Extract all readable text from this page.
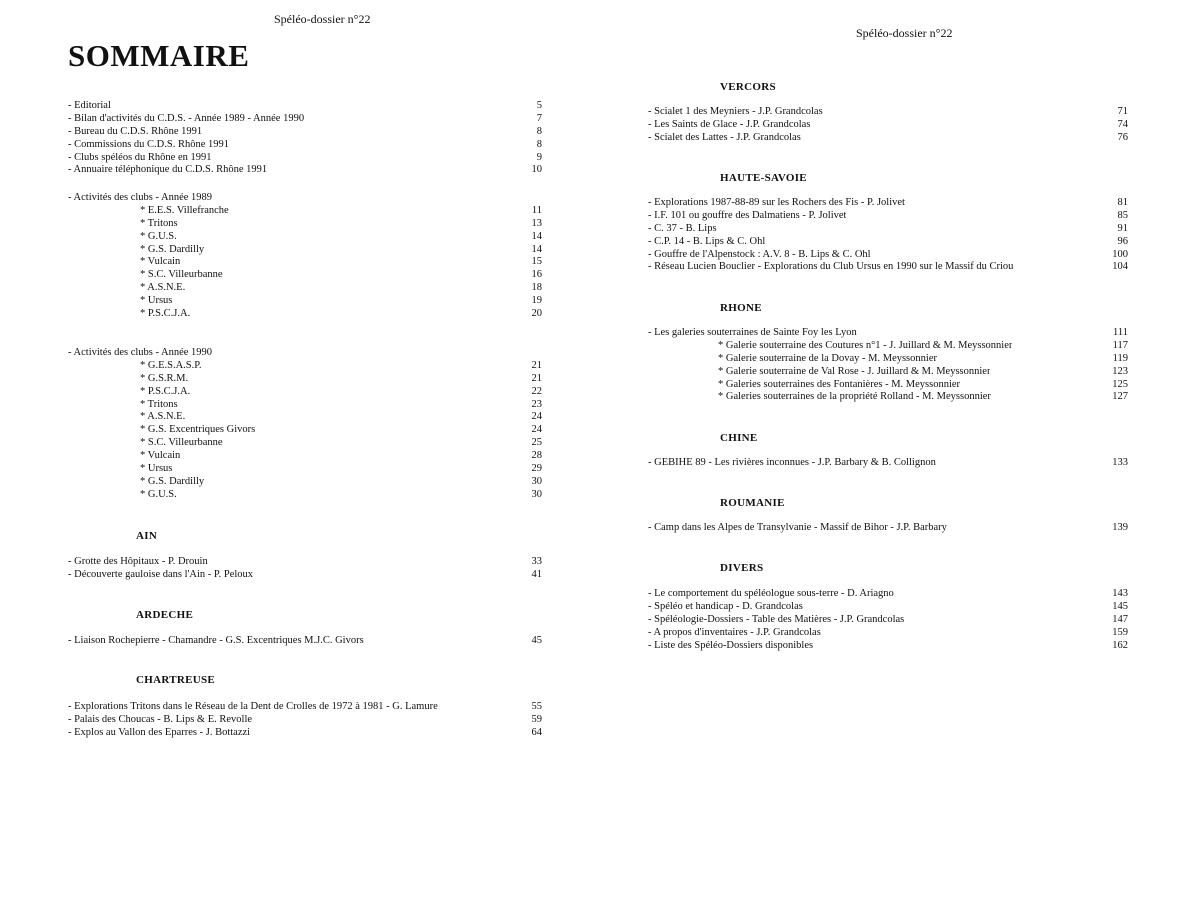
Spéléo-dossier n°22
SOMMAIRE
- Editorial	5
- Bilan d'activités du C.D.S. - Année 1989 - Année 1990	7
- Bureau du C.D.S. Rhône 1991	8
- Commissions du C.D.S. Rhône 1991	8
- Clubs spéléos du Rhône en 1991	9
- Annuaire téléphonique du C.D.S. Rhône 1991	10
- Activités des clubs - Année 1989
* E.E.S. Villefranche	11
* Tritons	13
* G.U.S.	14
* G.S. Dardilly	14
* Vulcain	15
* S.C. Villeurbanne	16
* A.S.N.E.	18
* Ursus	19
* P.S.C.J.A.	20
- Activités des clubs - Année 1990
* G.E.S.A.S.P.	21
* G.S.R.M.	21
* P.S.C.J.A.	22
* Tritons	23
* A.S.N.E.	24
* G.S. Excentriques Givors	24
* S.C. Villeurbanne	25
* Vulcain	28
* Ursus	29
* G.S. Dardilly	30
* G.U.S.	30
AIN
- Grotte des Hôpitaux - P. Drouin	33
- Découverte gauloise dans l'Ain - P. Peloux	41
ARDECHE
- Liaison Rochepierre - Chamandre - G.S. Excentriques M.J.C. Givors	45
CHARTREUSE
- Explorations Tritons dans le Réseau de la Dent de Crolles de 1972 à 1981 - G. Lamure	55
- Palais des Choucas - B. Lips & E. Revolle	59
- Explos au Vallon des Eparres - J. Bottazzi	64
Spéléo-dossier n°22
VERCORS
- Scialet 1 des Meyniers - J.P. Grandcolas	71
- Les Saints de Glace - J.P. Grandcolas	74
- Scialet des Lattes - J.P. Grandcolas	76
HAUTE-SAVOIE
- Explorations 1987-88-89 sur les Rochers des Fis - P. Jolivet	81
- I.F. 101 ou gouffre des Dalmatiens - P. Jolivet	85
- C. 37 - B. Lips	91
- C.P. 14 - B. Lips & C. Ohl	96
- Gouffre de l'Alpenstock : A.V. 8 - B. Lips & C. Ohl	100
- Réseau Lucien Bouclier - Explorations du Club Ursus en 1990 sur le Massif du Criou	104
RHONE
- Les galeries souterraines de Sainte Foy les Lyon	111
* Galerie souterraine des Coutures n°1 - J. Juillard & M. Meyssonnier	117
* Galerie souterraine de la Dovay - M. Meyssonnier	119
* Galerie souterraine de Val Rose - J. Juillard & M. Meyssonnier	123
* Galeries souterraines des Fontanières - M. Meyssonnier	125
* Galeries souterraines de la propriété Rolland - M. Meyssonnier	127
CHINE
- GEBIHE 89 - Les rivières inconnues - J.P. Barbary & B. Collignon	133
ROUMANIE
- Camp dans les Alpes de Transylvanie - Massif de Bihor - J.P. Barbary	139
DIVERS
- Le comportement du spéléologue sous-terre - D. Ariagno	143
- Spéléo et handicap - D. Grandcolas	145
- Spéléologie-Dossiers - Table des Matières - J.P. Grandcolas	147
- A propos d'inventaires - J.P. Grandcolas	159
- Liste des Spéléo-Dossiers disponibles	162
